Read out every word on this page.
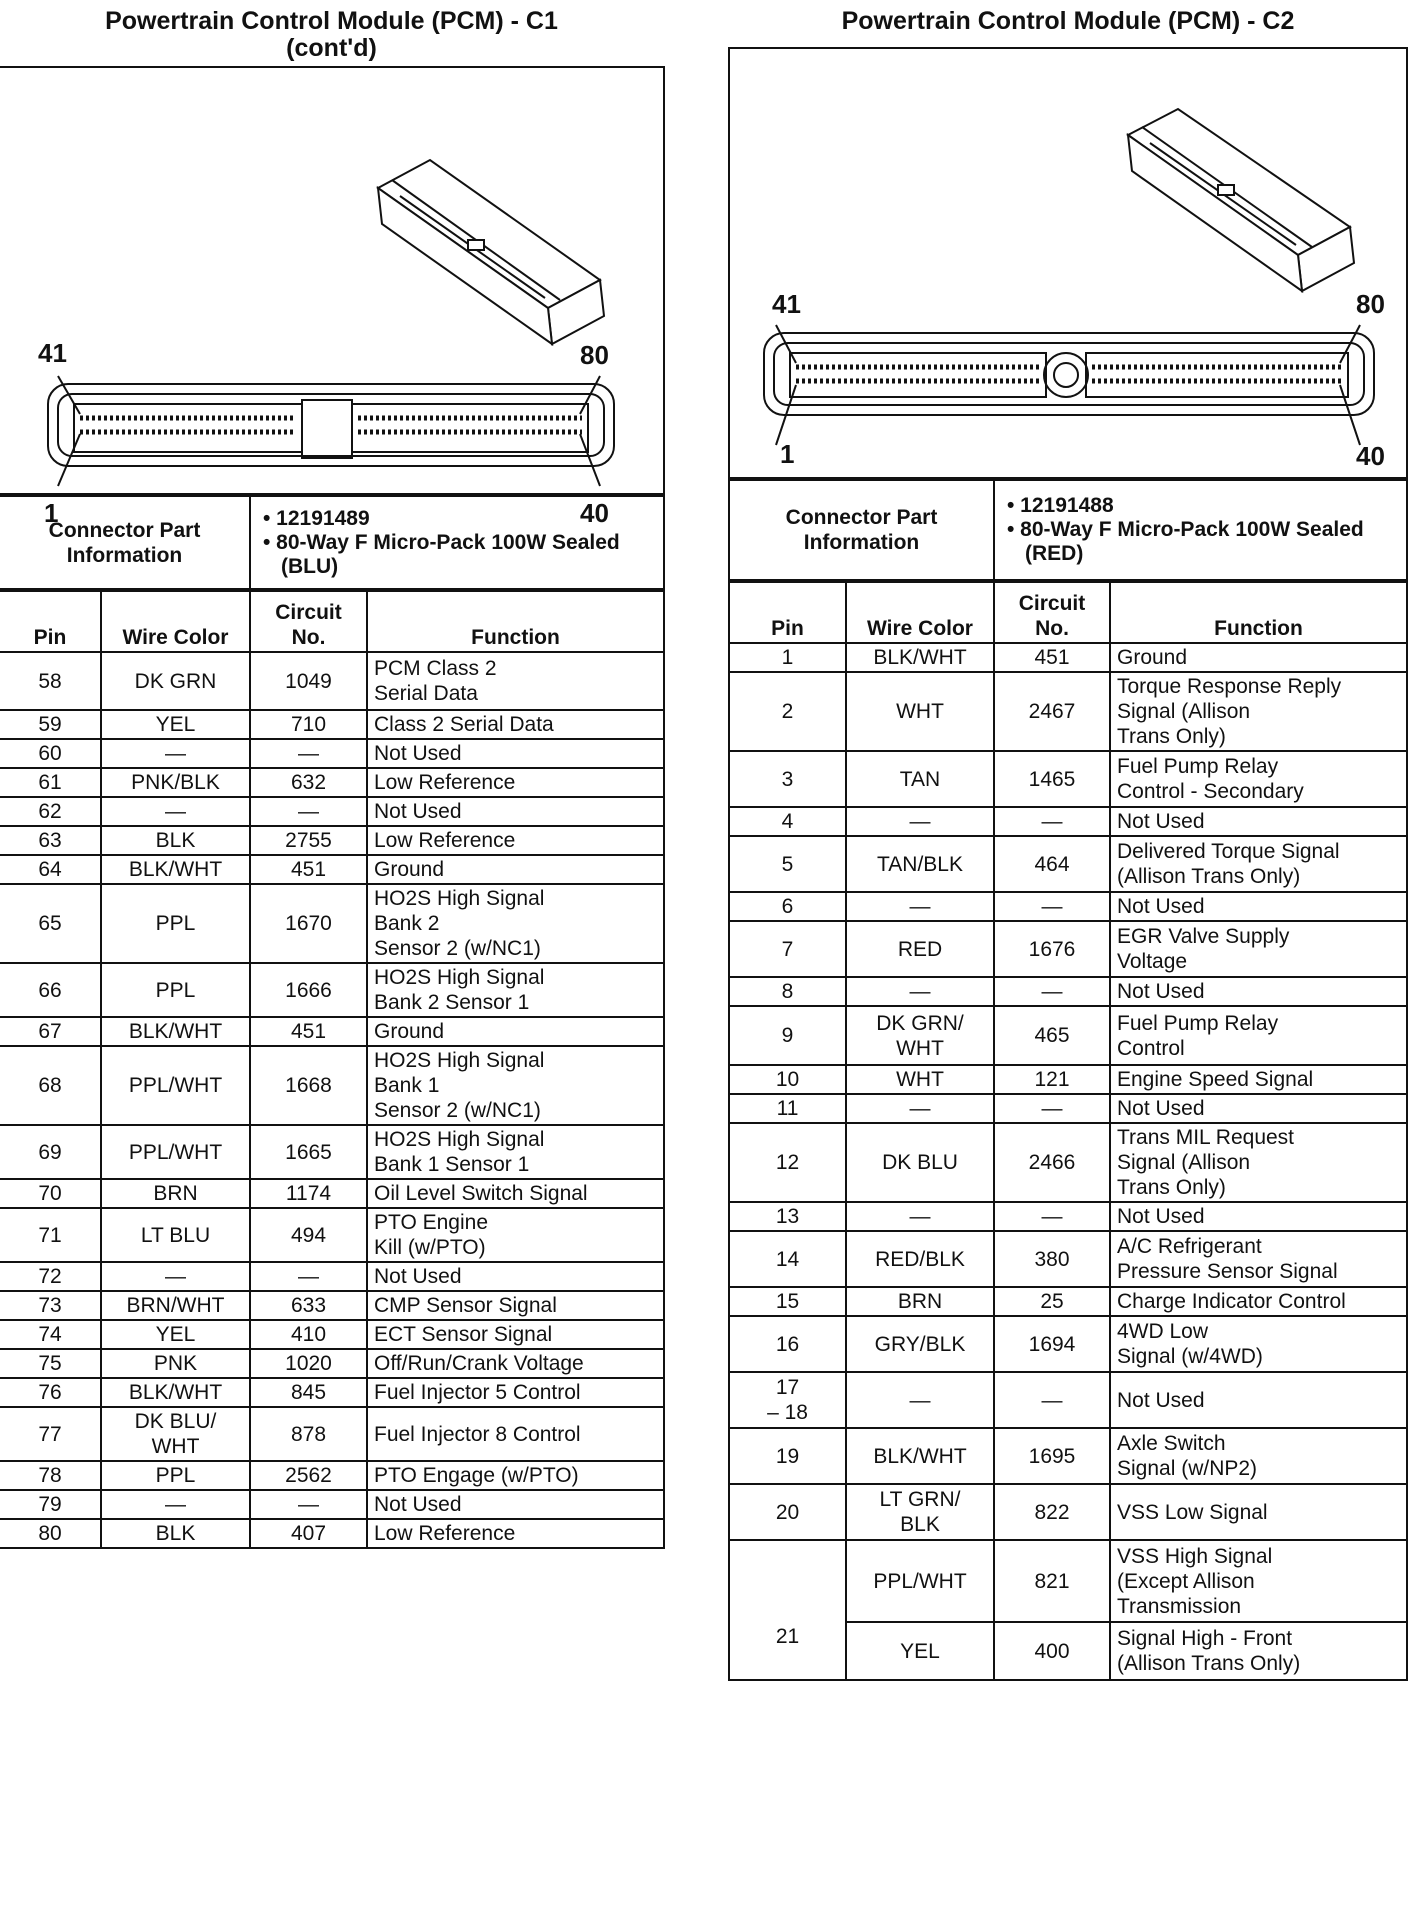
Powertrain Control Module (PCM) - C1
(cont'd)
41	80
1	40
Connector Part Information	
• 12191489
• 80-Way F Micro-Pack 100W Sealed (BLU)
Pin	Wire Color	Circuit No.	Function
58	DK GRN	1049	PCM Class 2
Serial Data
59	YEL	710	Class 2 Serial Data
60	—	—	Not Used
61	PNK/BLK	632	Low Reference
62	—	—	Not Used
63	BLK	2755	Low Reference
64	BLK/WHT	451	Ground
65	PPL	1670	HO2S High Signal
Bank 2
Sensor 2 (w/NC1)
66	PPL	1666	HO2S High Signal
Bank 2 Sensor 1
67	BLK/WHT	451	Ground
68	PPL/WHT	1668	HO2S High Signal
Bank 1
Sensor 2 (w/NC1)
69	PPL/WHT	1665	HO2S High Signal
Bank 1 Sensor 1
70	BRN	1174	Oil Level Switch Signal
71	LT BLU	494	PTO Engine
Kill (w/PTO)
72	—	—	Not Used
73	BRN/WHT	633	CMP Sensor Signal
74	YEL	410	ECT Sensor Signal
75	PNK	1020	Off/Run/Crank Voltage
76	BLK/WHT	845	Fuel Injector 5 Control
77	DK BLU/
WHT	878	Fuel Injector 8 Control
78	PPL	2562	PTO Engage (w/PTO)
79	—	—	Not Used
80	BLK	407	Low Reference
Powertrain Control Module (PCM) - C2
41	80
1	40
Connector Part Information	
• 12191488
• 80-Way F Micro-Pack 100W Sealed (RED)
Pin	Wire Color	Circuit No.	Function
1	BLK/WHT	451	Ground
2	WHT	2467	Torque Response Reply
Signal (Allison
Trans Only)
3	TAN	1465	Fuel Pump Relay
Control - Secondary
4	—	—	Not Used
5	TAN/BLK	464	Delivered Torque Signal
(Allison Trans Only)
6	—	—	Not Used
7	RED	1676	EGR Valve Supply
Voltage
8	—	—	Not Used
9	DK GRN/
WHT	465	Fuel Pump Relay
Control
10	WHT	121	Engine Speed Signal
11	—	—	Not Used
12	DK BLU	2466	Trans MIL Request
Signal (Allison
Trans Only)
13	—	—	Not Used
14	RED/BLK	380	A/C Refrigerant
Pressure Sensor Signal
15	BRN	25	Charge Indicator Control
16	GRY/BLK	1694	4WD Low
Signal (w/4WD)
17
– 18	—	—	Not Used
19	BLK/WHT	1695	Axle Switch
Signal (w/NP2)
20	LT GRN/
BLK	822	VSS Low Signal
21	PPL/WHT	821	VSS High Signal
(Except Allison
Transmission
	YEL	400	Signal High - Front
(Allison Trans Only)
